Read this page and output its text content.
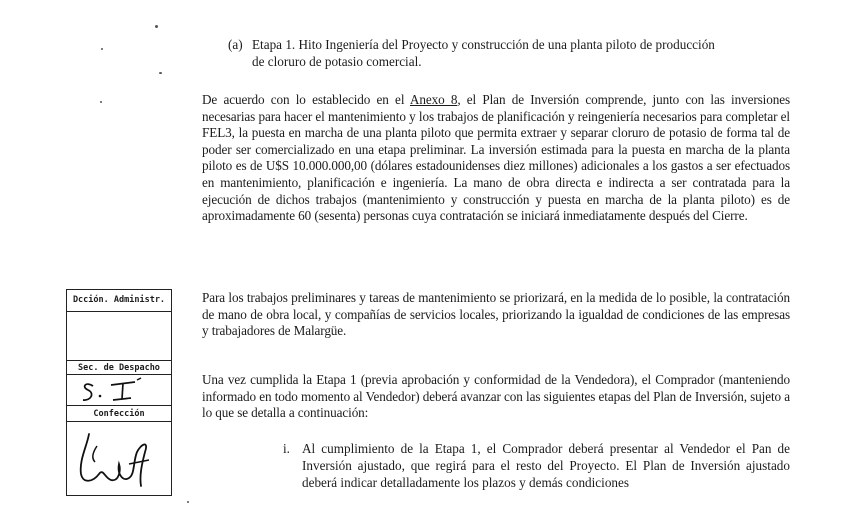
(a) Etapa 1. Hito Ingeniería del Proyecto y construcción de una planta piloto de producción
de cloruro de potasio comercial.

De acuerdo con lo establecido en el Anexo 8, el Plan de Inversión comprende, junto con las inversiones necesarias para hacer el mantenimiento y los trabajos de planificación y reingeniería necesarios para completar el FEL3, la puesta en marcha de una planta piloto que permita extraer y separar cloruro de potasio de forma tal de poder ser comercializado en una etapa preliminar. La inversión estimada para la puesta en marcha de la planta piloto es de U$S 10.000.000,00 (dólares estadounidenses diez millones) adicionales a los gastos a ser efectuados en mantenimiento, planificación e ingeniería. La mano de obra directa e indirecta a ser contratada para la ejecución de dichos trabajos (mantenimiento y construcción y puesta en marcha de la planta piloto) es de aproximadamente 60 (sesenta) personas cuya contratación se iniciará inmediatamente después del Cierre.

Para los trabajos preliminares y tareas de mantenimiento se priorizará, en la medida de lo posible, la contratación de mano de obra local, y compañías de servicios locales, priorizando la igualdad de condiciones de las empresas y trabajadores de Malargüe.

Una vez cumplida la Etapa 1 (previa aprobación y conformidad de la Vendedora), el Comprador (manteniendo informado en todo momento al Vendedor) deberá avanzar con las siguientes etapas del Plan de Inversión, sujeto a lo que se detalla a continuación:

i. Al cumplimiento de la Etapa 1, el Comprador deberá presentar al Vendedor el Pan de Inversión ajustado, que regirá para el resto del Proyecto. El Plan de Inversión ajustado deberá indicar detalladamente los plazos y demás condiciones
Dcción. Administr.
Sec. de Despacho
Confección
